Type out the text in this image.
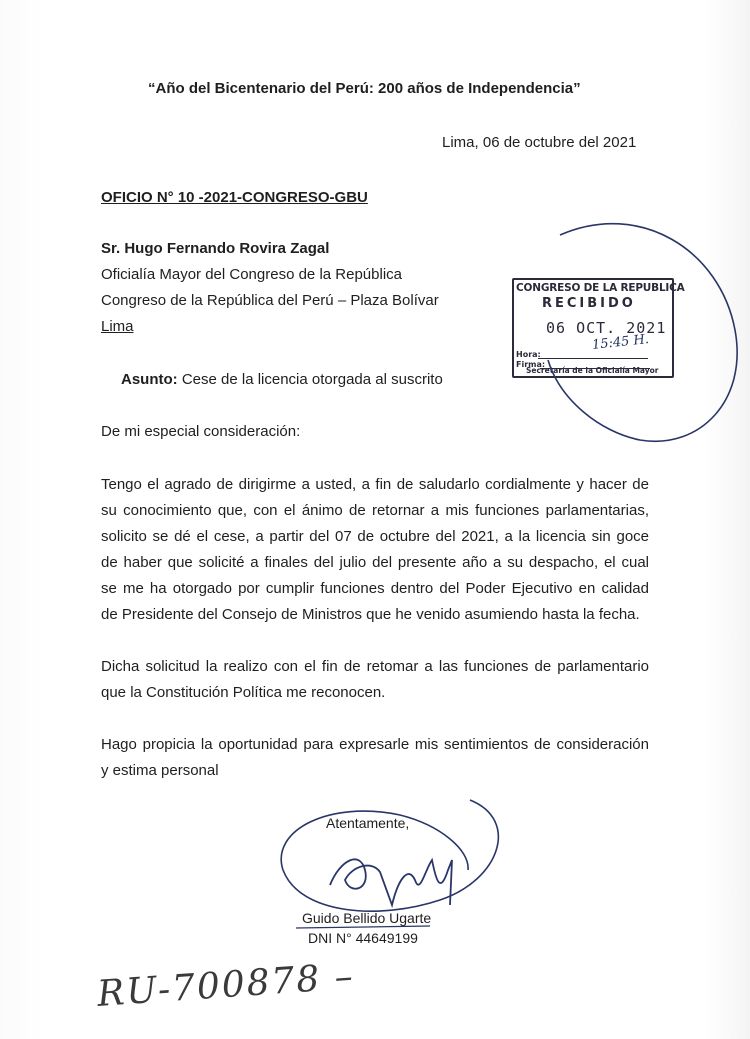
“Año del Bicentenario del Perú: 200 años de Independencia”
Lima, 06 de octubre del 2021
OFICIO N° 10 -2021-CONGRESO-GBU
Sr. Hugo Fernando Rovira Zagal
Oficialía Mayor del Congreso de la República
Congreso de la República del Perú – Plaza Bolívar
Lima
Asunto: Cese de la licencia otorgada al suscrito
De mi especial consideración:
Tengo el agrado de dirigirme a usted, a fin de saludarlo cordialmente y hacer de
su conocimiento que, con el ánimo de retornar a mis funciones parlamentarias,
solicito se dé el cese, a partir del 07 de octubre del 2021, a la licencia sin goce
de haber que solicité a finales del julio del presente año a su despacho, el cual
se me ha otorgado por cumplir funciones dentro del Poder Ejecutivo en calidad
de Presidente del Consejo de Ministros que he venido asumiendo hasta la fecha.
Dicha solicitud la realizo con el fin de retomar a las funciones de parlamentario
que la Constitución Política me reconocen.
Hago propicia la oportunidad para expresarle mis sentimientos de consideración
y estima personal
CONGRESO DE LA REPUBLICA
RECIBIDO
06 OCT. 2021
15:45 H.
Hora:
Firma:
Secretaría de la Oficialía Mayor
Atentamente,
Guido Bellido Ugarte
DNI N° 44649199
RU-700878 –
